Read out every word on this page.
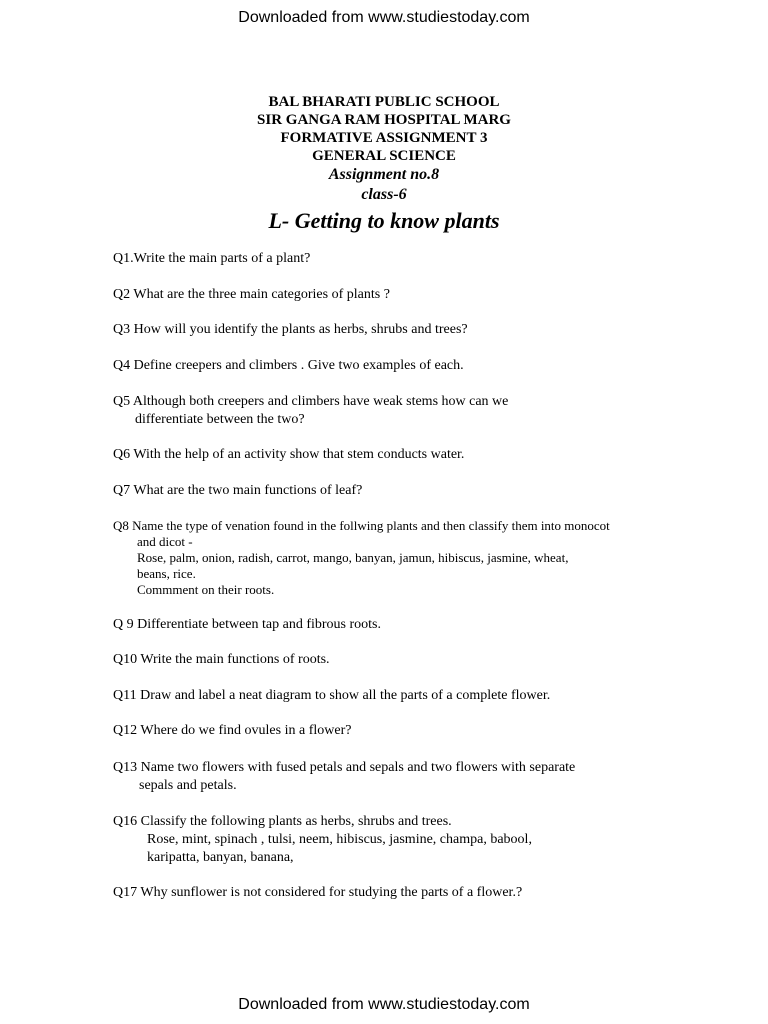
Downloaded from www.studiestoday.com
BAL BHARATI PUBLIC SCHOOL
SIR GANGA RAM HOSPITAL MARG
FORMATIVE ASSIGNMENT 3
GENERAL SCIENCE
Assignment no.8
class-6
L- Getting to know plants
Q1.Write the main parts of a plant?
Q2 What are the three main categories of plants ?
Q3 How will you identify the plants as herbs, shrubs and trees?
Q4 Define creepers and climbers . Give two examples of each.
Q5 Although both creepers and climbers have weak stems how can we
differentiate between the two?
Q6 With the help of an activity show that stem conducts water.
Q7 What are the two main functions of leaf?
Q8 Name the type of venation found in the follwing plants and then classify them into monocot
and dicot -
Rose, palm, onion, radish, carrot, mango, banyan, jamun, hibiscus, jasmine, wheat,
beans, rice.
Commment on their roots.
Q 9 Differentiate between tap and fibrous roots.
Q10 Write the main functions of roots.
Q11 Draw and label a neat diagram to show all the parts of a complete flower.
Q12 Where do we find ovules in a flower?
Q13 Name two flowers with fused petals and sepals and two flowers with separate
sepals and petals.
Q16 Classify the following plants as herbs, shrubs and trees.
Rose, mint, spinach , tulsi, neem, hibiscus, jasmine, champa, babool,
karipatta, banyan, banana,
Q17 Why sunflower is not considered for studying the parts of a flower.?
Downloaded from www.studiestoday.com
